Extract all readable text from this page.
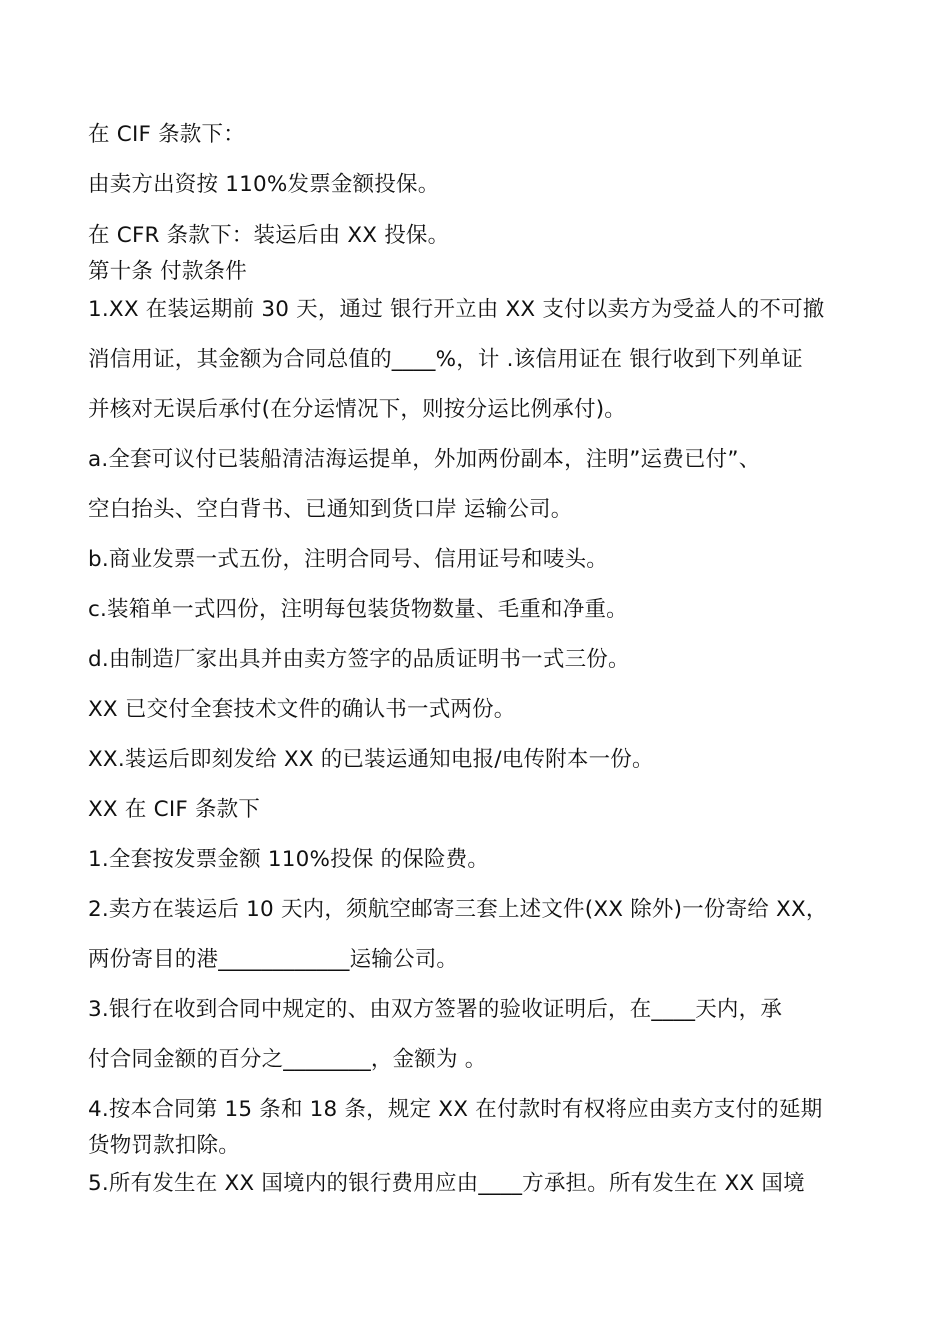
在 CIF 条款下：
由卖方出资按 110%发票金额投保。
在 CFR 条款下：装运后由 XX 投保。
第十条 付款条件
1.XX 在装运期前 30 天，通过 银行开立由 XX 支付以卖方为受益人的不可撤
消信用证，其金额为合同总值的____%，计 .该信用证在 银行收到下列单证
并核对无误后承付(在分运情况下，则按分运比例承付)。
a.全套可议付已装船清洁海运提单，外加两份副本，注明”运费已付”、
空白抬头、空白背书、已通知到货口岸 运输公司。
b.商业发票一式五份，注明合同号、信用证号和唛头。
c.装箱单一式四份，注明每包装货物数量、毛重和净重。
d.由制造厂家出具并由卖方签字的品质证明书一式三份。
XX 已交付全套技术文件的确认书一式两份。
XX.装运后即刻发给 XX 的已装运通知电报/电传附本一份。
XX 在 CIF 条款下
1.全套按发票金额 110%投保 的保险费。
2.卖方在装运后 10 天内，须航空邮寄三套上述文件(XX 除外)一份寄给 XX，
两份寄目的港____________运输公司。
3.银行在收到合同中规定的、由双方签署的验收证明后，在____天内，承
付合同金额的百分之________，金额为 。
4.按本合同第 15 条和 18 条，规定 XX 在付款时有权将应由卖方支付的延期
货物罚款扣除。
5.所有发生在 XX 国境内的银行费用应由____方承担。所有发生在 XX 国境
